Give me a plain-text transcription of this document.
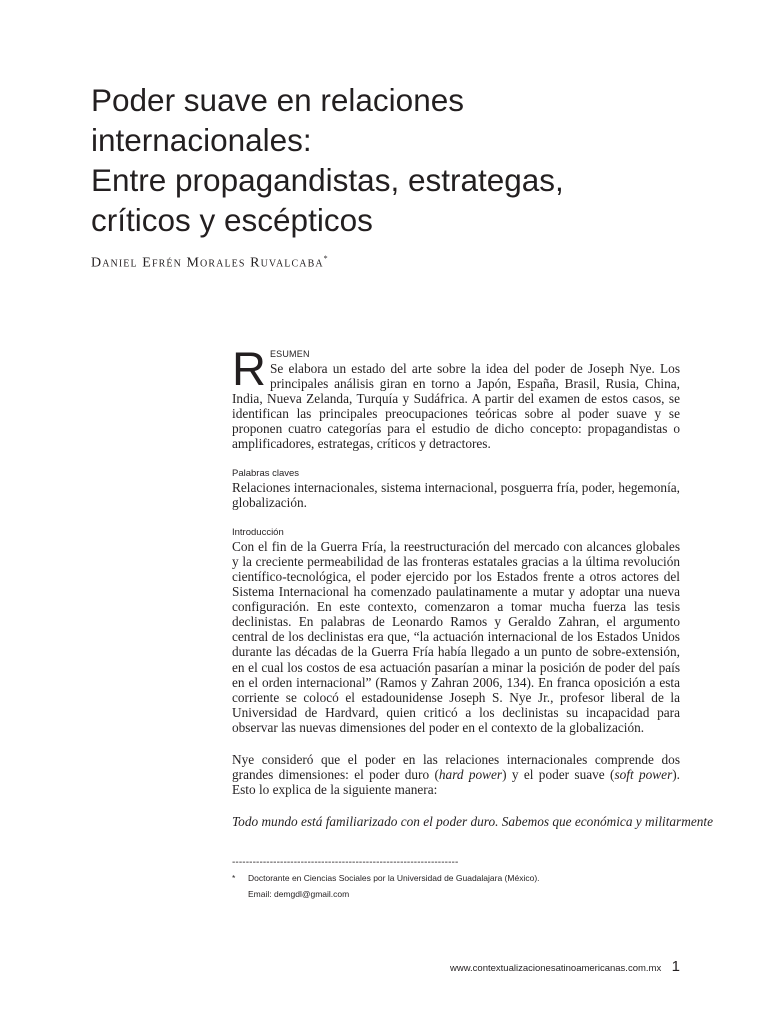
Poder suave en relaciones
internacionales:
Entre propagandistas, estrategas,
críticos y escépticos
Daniel Efrén Morales Ruvalcaba*
R ESUMEN
Se elabora un estado del arte sobre la idea del poder de Joseph Nye. Los principales análisis giran en torno a Japón, España, Brasil, Rusia, China, India, Nueva Zelanda, Turquía y Sudáfrica. A partir del examen de estos casos, se identifican las principales preocupaciones teóricas sobre al poder suave y se proponen cuatro categorías para el estudio de dicho concepto: propagandistas o amplificadores, estrategas, críticos y detractores.
Palabras claves

Relaciones internacionales, sistema internacional, posguerra fría, poder, hegemonía, globalización.

Introducción

Con el fin de la Guerra Fría, la reestructuración del mercado con alcances globales y la creciente permeabilidad de las fronteras estatales gracias a la última revolución científico-tecnológica, el poder ejercido por los Estados frente a otros actores del Sistema Internacional ha comenzado paulatinamente a mutar y adoptar una nueva configuración. En este contexto, comenzaron a tomar mucha fuerza las tesis declinistas. En palabras de Leonardo Ramos y Geraldo Zahran, el argumento central de los declinistas era que, “la actuación internacional de los Estados Unidos durante las décadas de la Guerra Fría había llegado a un punto de sobre-extensión, en el cual los costos de esa actuación pasarían a minar la posición de poder del país en el orden internacional” (Ramos y Zahran 2006, 134). En franca oposición a esta corriente se colocó el estadounidense Joseph S. Nye Jr., profesor liberal de la Universidad de Hardvard, quien criticó a los declinistas su incapacidad para observar las nuevas dimensiones del poder en el contexto de la globalización.

Nye consideró que el poder en las relaciones internacionales comprende dos grandes dimensiones: el poder duro (hard power) y el poder suave (soft power). Esto lo explica de la siguiente manera:

Todo mundo está familiarizado con el poder duro. Sabemos que económica y militarmente

------------------------------------------------------------------
*	Doctorante en Ciencias Sociales por la Universidad de Guadalajara (México).
Email: demgdl@gmail.com
www.contextualizacionesatinoamericanas.com.mx 1
